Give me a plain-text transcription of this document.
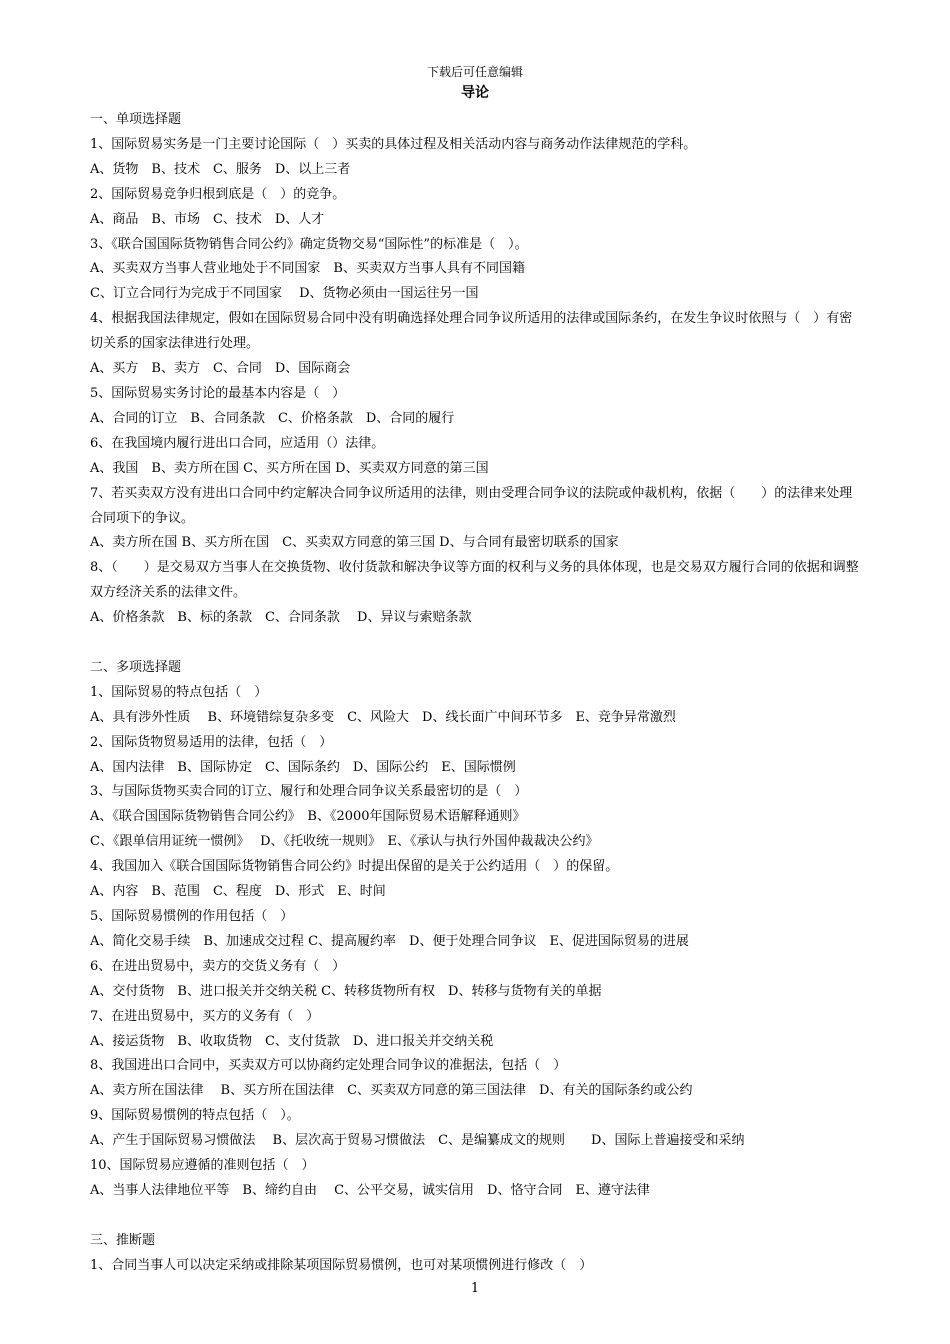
下载后可任意编辑
导论
一、单项选择题
1、国际贸易实务是一门主要讨论国际（　）买卖的具体过程及相关活动内容与商务动作法律规范的学科。
A、货物　B、技术　C、服务　D、以上三者
2、国际贸易竞争归根到底是（　）的竞争。
A、商品　B、市场　C、技术　D、人才
3、《联合国国际货物销售合同公约》确定货物交易“国际性”的标准是（　）。
A、买卖双方当事人营业地处于不同国家　B、买卖双方当事人具有不同国籍
C、订立合同行为完成于不同国家　 D、货物必须由一国运往另一国
4、根据我国法律规定，假如在国际贸易合同中没有明确选择处理合同争议所适用的法律或国际条约，在发生争议时依照与（　）有密切关系的国家法律进行处理。
A、买方　B、卖方　C、合同　D、国际商会
5、国际贸易实务讨论的最基本内容是（　）
A、合同的订立　B、合同条款　C、价格条款　D、合同的履行
6、在我国境内履行进出口合同，应适用（）法律。
A、我国　B、卖方所在国 C、买方所在国 D、买卖双方同意的第三国
7、若买卖双方没有进出口合同中约定解决合同争议所适用的法律，则由受理合同争议的法院或仲裁机构，依据（　　）的法律来处理合同项下的争议。
A、卖方所在国 B、买方所在国　C、买卖双方同意的第三国 D、与合同有最密切联系的国家
8、（　　）是交易双方当事人在交换货物、收付货款和解决争议等方面的权利与义务的具体体现，也是交易双方履行合同的依据和调整双方经济关系的法律文件。
A、价格条款　B、标的条款　C、合同条款　 D、异议与索赔条款
二、多项选择题
1、国际贸易的特点包括（　）
A、具有涉外性质　 B、环境错综复杂多变　C、风险大　D、线长面广中间环节多　E、竞争异常激烈
2、国际货物贸易适用的法律，包括（　）
A、国内法律　B、国际协定　C、国际条约　D、国际公约　E、国际惯例
3、与国际货物买卖合同的订立、履行和处理合同争议关系最密切的是（　）
A、《联合国国际货物销售合同公约》　B、《2000年国际贸易术语解释通则》
C、《跟单信用证统一惯例》　 D、《托收统一规则》　E、《承认与执行外国仲裁裁决公约》
4、我国加入《联合国国际货物销售合同公约》时提出保留的是关于公约适用（　）的保留。
A、内容　B、范围　C、程度　D、形式　E、时间
5、国际贸易惯例的作用包括（　）
A、简化交易手续　B、加速成交过程 C、提高履约率　D、便于处理合同争议　E、促进国际贸易的进展
6、在进出贸易中，卖方的交货义务有（　）
A、交付货物　B、进口报关并交纳关税 C、转移货物所有权　D、转移与货物有关的单据
7、在进出贸易中，买方的义务有（　）
A、接运货物　B、收取货物　C、支付货款　D、进口报关并交纳关税
8、我国进出口合同中，买卖双方可以协商约定处理合同争议的准据法，包括（　）
A、卖方所在国法律　 B、买方所在国法律　C、买卖双方同意的第三国法律　D、有关的国际条约或公约
9、国际贸易惯例的特点包括（　）。
A、产生于国际贸易习惯做法　 B、层次高于贸易习惯做法　C、是编纂成文的规则　　D、国际上普遍接受和采纳
10、国际贸易应遵循的准则包括（　）
A、当事人法律地位平等　B、缔约自由　 C、公平交易，诚实信用　D、恪守合同　E、遵守法律
三、推断题
1、合同当事人可以决定采纳或排除某项国际贸易惯例，也可对某项惯例进行修改（　）
1
